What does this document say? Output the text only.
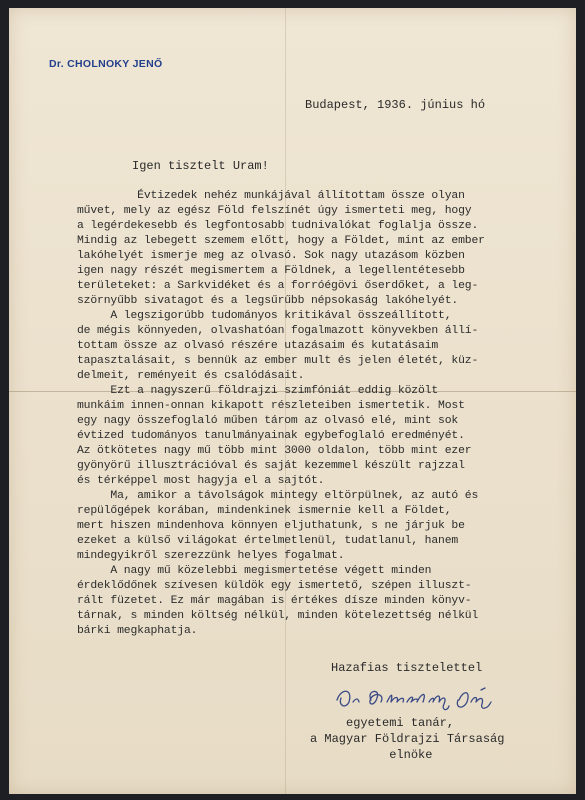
Dr. CHOLNOKY JENŐ
Budapest, 1936. június hó
Igen tisztelt Uram!
Évtizedek nehéz munkájával állítottam össze olyan
művet, mely az egész Föld felszínét úgy ismerteti meg, hogy
a legérdekesebb és legfontosabb tudnivalókat foglalja össze.
Mindig az lebegett szemem előtt, hogy a Földet, mint az ember
lakóhelyét ismerje meg az olvasó. Sok nagy utazásom közben
igen nagy részét megismertem a Földnek, a legellentétesebb
területeket: a Sarkvidéket és a forróégövi őserdőket, a leg-
szörnyűbb sivatagot és a legsűrűbb népsokaság lakóhelyét.
A legszigorúbb tudományos kritikával összeállított,
de mégis könnyeden, olvashatóan fogalmazott könyvekben állí-
tottam össze az olvasó részére utazásaim és kutatásaim
tapasztalásait, s bennük az ember mult és jelen életét, küz-
delmeit, reményeit és csalódásait.
Ezt a nagyszerű földrajzi szimfóniát eddig közölt
munkáim innen-onnan kikapott részleteiben ismertetik. Most
egy nagy összefoglaló műben tárom az olvasó elé, mint sok
évtized tudományos tanulmányainak egybefoglaló eredményét.
Az ötkötetes nagy mű több mint 3000 oldalon, több mint ezer
gyönyörű illusztrációval és saját kezemmel készült rajzzal
és térképpel most hagyja el a sajtót.
Ma, amikor a távolságok mintegy eltörpülnek, az autó és
repülőgépek korában, mindenkinek ismernie kell a Földet,
mert hiszen mindenhova könnyen eljuthatunk, s ne járjuk be
ezeket a külső világokat értelmetlenül, tudatlanul, hanem
mindegyikről szerezzünk helyes fogalmat.
A nagy mű közelebbi megismertetése végett minden
érdeklődőnek szívesen küldök egy ismertető, szépen illuszt-
rált füzetet. Ez már magában is értékes dísze minden könyv-
tárnak, s minden költség nélkül, minden kötelezettség nélkül
bárki megkaphatja.
Hazafias tisztelettel
egyetemi tanár,
a Magyar Földrajzi Társaság
elnöke
